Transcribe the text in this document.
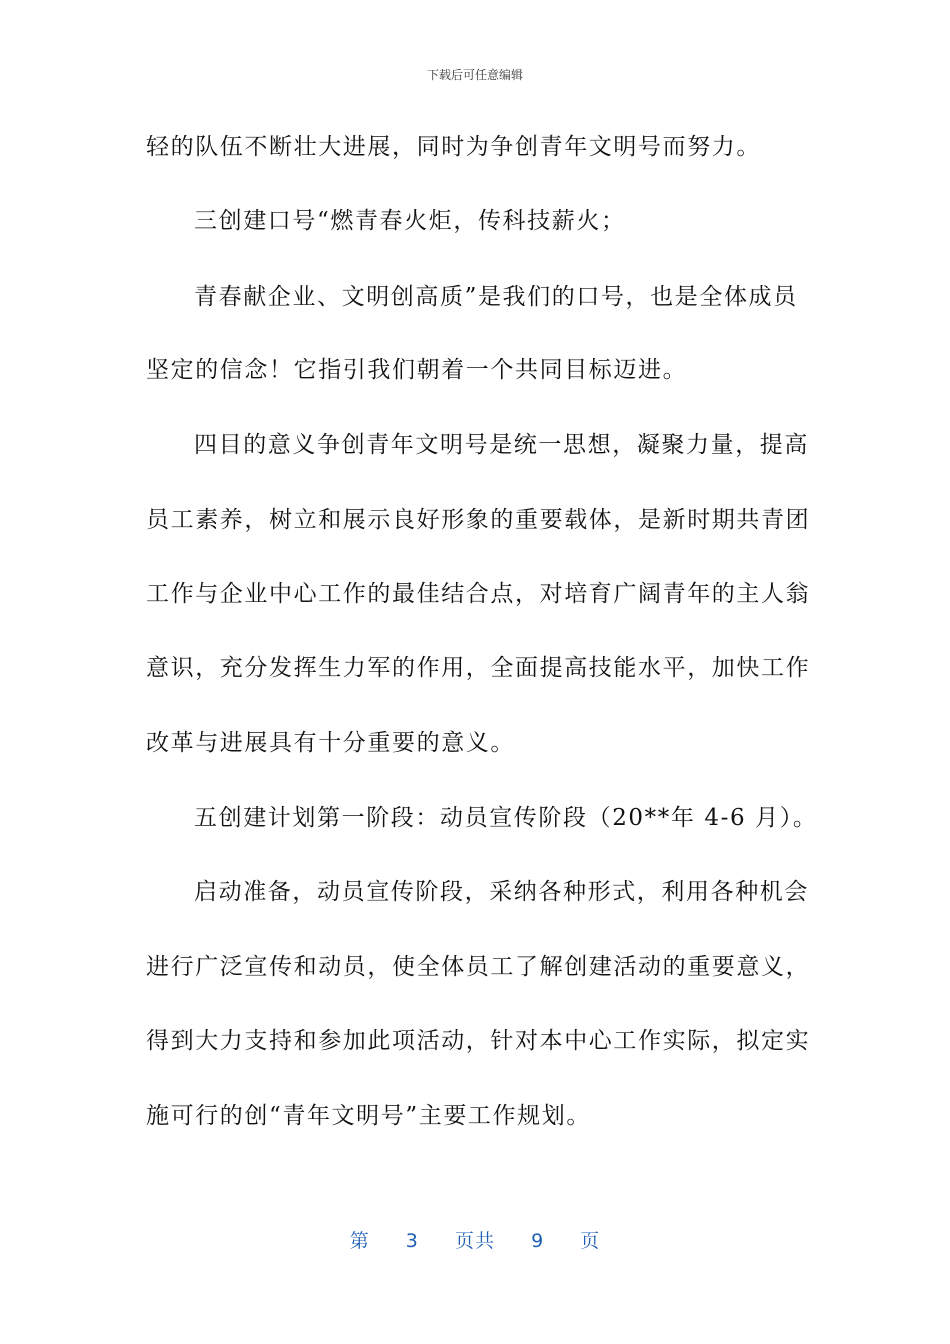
下载后可任意编辑
轻的队伍不断壮大进展，同时为争创青年文明号而努力。
三创建口号“燃青春火炬，传科技薪火；
青春献企业、文明创高质”是我们的口号，也是全体成员
坚定的信念！它指引我们朝着一个共同目标迈进。
四目的意义争创青年文明号是统一思想，凝聚力量，提高
员工素养，树立和展示良好形象的重要载体，是新时期共青团
工作与企业中心工作的最佳结合点，对培育广阔青年的主人翁
意识，充分发挥生力军的作用，全面提高技能水平，加快工作
改革与进展具有十分重要的意义。
五创建计划第一阶段：动员宣传阶段（20**年 4-6 月）。
启动准备，动员宣传阶段，采纳各种形式，利用各种机会
进行广泛宣传和动员，使全体员工了解创建活动的重要意义，
得到大力支持和参加此项活动，针对本中心工作实际，拟定实
施可行的创“青年文明号”主要工作规划。
第 3 页共 9 页
